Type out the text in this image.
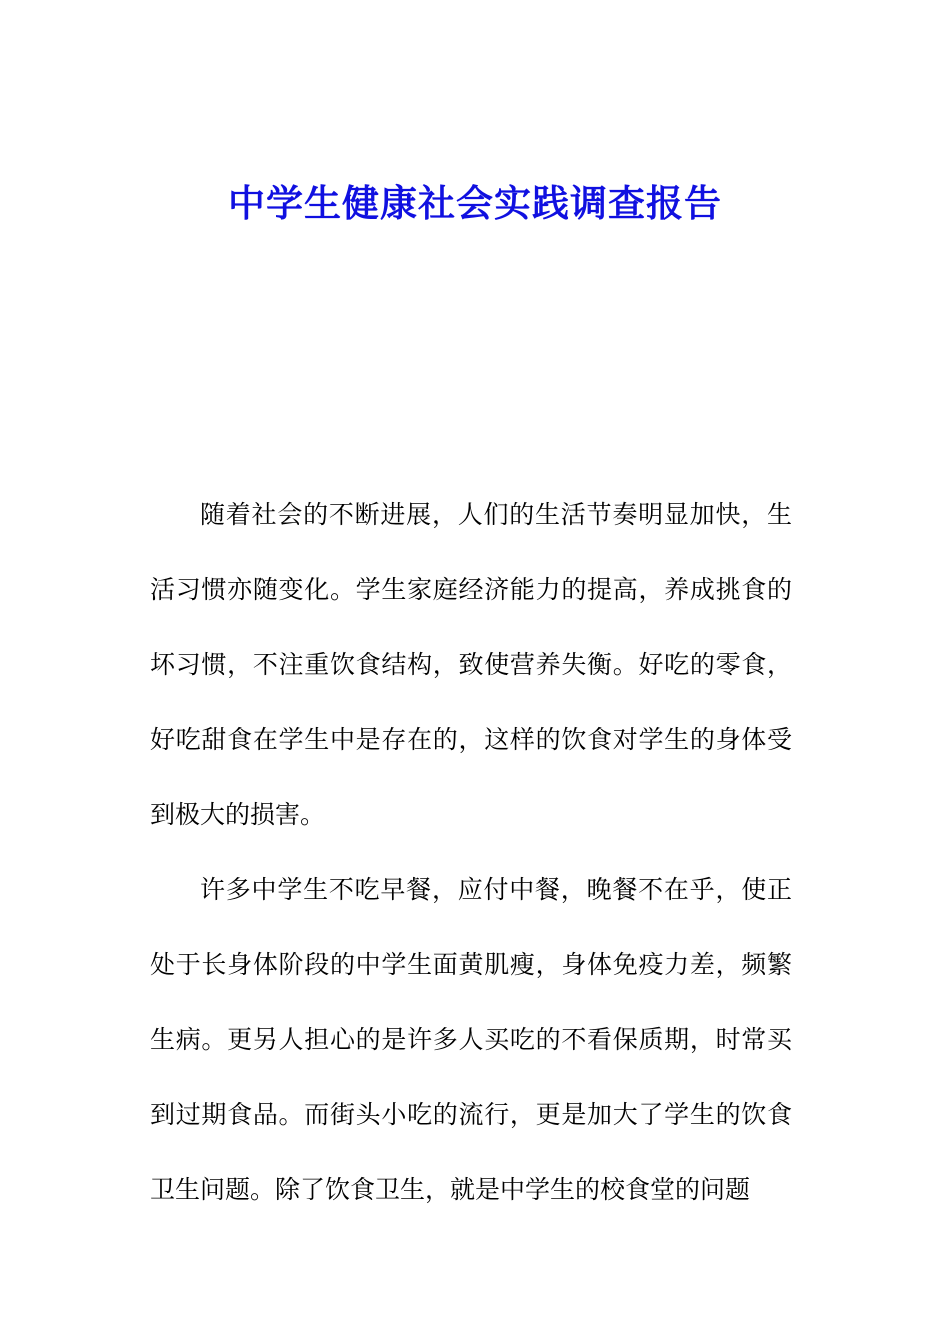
中学生健康社会实践调查报告

随着社会的不断进展，人们的生活节奏明显加快，生活习惯亦随变化。学生家庭经济能力的提高，养成挑食的坏习惯，不注重饮食结构，致使营养失衡。好吃的零食，好吃甜食在学生中是存在的，这样的饮食对学生的身体受到极大的损害。

许多中学生不吃早餐，应付中餐，晚餐不在乎，使正处于长身体阶段的中学生面黄肌瘦，身体免疫力差，频繁生病。更另人担心的是许多人买吃的不看保质期，时常买到过期食品。而街头小吃的流行，更是加大了学生的饮食卫生问题。除了饮食卫生，就是中学生的校食堂的问题
